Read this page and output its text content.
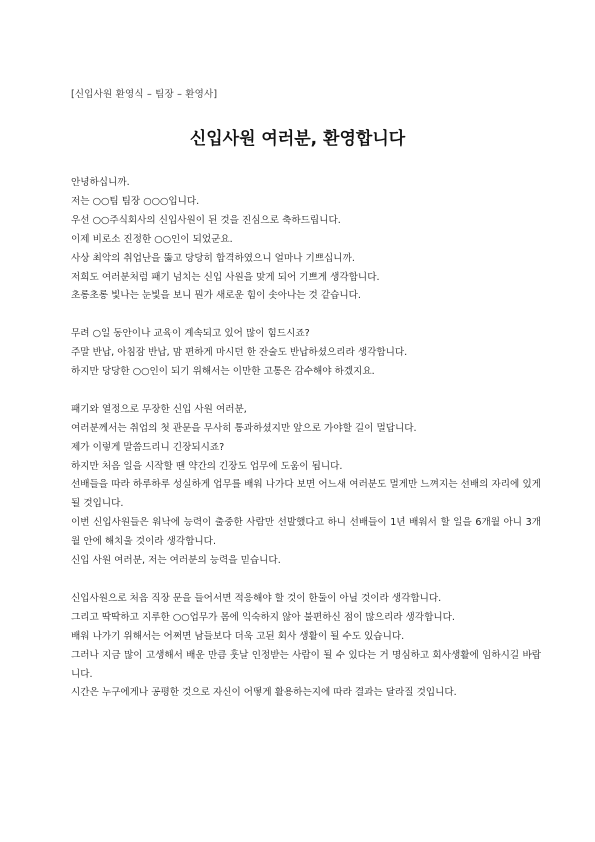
[신입사원 환영식 – 팀장 – 환영사]
신입사원 여러분, 환영합니다
안녕하십니까.
저는 ○○팀 팀장 ○○○입니다.
우선 ○○주식회사의 신입사원이 된 것을 진심으로 축하드립니다.
이제 비로소 진정한 ○○인이 되었군요.
사상 최악의 취업난을 뚫고 당당히 합격하였으니 얼마나 기쁘십니까.
저희도 여러분처럼 패기 넘치는 신입 사원을 맞게 되어 기쁘게 생각합니다.
초롱초롱 빛나는 눈빛을 보니 뭔가 새로운 힘이 솟아나는 것 같습니다.
무려 ○일 동안이나 교육이 계속되고 있어 많이 힘드시죠?
주말 반납, 아침잠 반납, 맘 편하게 마시던 한 잔술도 반납하셨으리라 생각합니다.
하지만 당당한 ○○인이 되기 위해서는 이만한 고통은 감수해야 하겠지요.
패기와 열정으로 무장한 신입 사원 여러분,
여러분께서는 취업의 첫 관문을 무사히 통과하셨지만 앞으로 가야할 길이 멀답니다.
제가 이렇게 말씀드리니 긴장되시죠?
하지만 처음 일을 시작할 땐 약간의 긴장도 업무에 도움이 됩니다.
선배들을 따라 하루하루 성실하게 업무를 배워 나가다 보면 어느새 여러분도 멀게만 느껴지는 선배의 자리에 있게 될 것입니다.
이번 신입사원들은 워낙에 능력이 출중한 사람만 선발했다고 하니 선배들이 1년 배워서 할 일을 6개월 아니 3개월 안에 해치울 것이라 생각합니다.
신입 사원 여러분, 저는 여러분의 능력을 믿습니다.
신입사원으로 처음 직장 문을 들어서면 적응해야 할 것이 한둘이 아닐 것이라 생각합니다.
그리고 딱딱하고 지루한 ○○업무가 몸에 익숙하지 않아 불편하신 점이 많으리라 생각합니다.
배워 나가기 위해서는 어쩌면 남들보다 더욱 고된 회사 생활이 될 수도 있습니다.
그러나 지금 많이 고생해서 배운 만큼 훗날 인정받는 사람이 될 수 있다는 거 명심하고 회사생활에 임하시길 바랍니다.
시간은 누구에게나 공평한 것으로 자신이 어떻게 활용하는지에 따라 결과는 달라질 것입니다.
